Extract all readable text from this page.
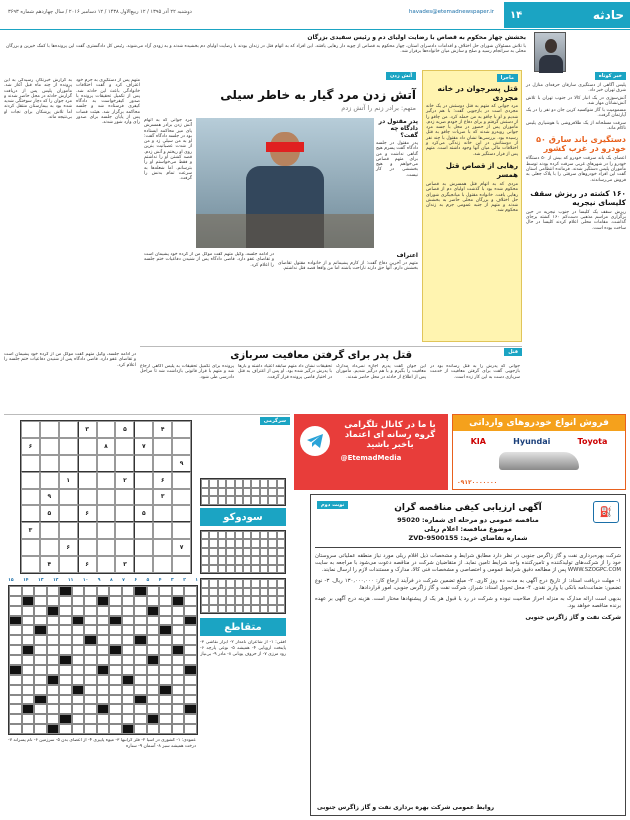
حادثه
۱۴
havades@etemadnewspaper.ir
دوشنبه ۲۲ آذر ۱۳۹۵ / ۱۲ ربیع‌الاول ۱۴۳۸ / ۱۲ دسامبر ۲۰۱۶ / سال چهاردهم شماره ۳۶۹۳
بخشش چهار محکوم به قصاص با رضایت اولیای دم و رئیس سفیدی بزرگان
با تلاش مسئولان شورای حل اختلاف و اقدامات دادسرای استان، چهار محکوم به قصاص از چوبه دار رهایی یافتند. این افراد که به اتهام قتل در زندان بودند با رضایت اولیای دم بخشیده شدند و به زودی آزاد می‌شوند. رئیس کل دادگستری گفت این پرونده‌ها با کمک خیرین و بزرگان محلی به سرانجام رسید و صلح و سازش میان خانواده‌ها برقرار شد.
خبر کوتاه

پلیس آگاهی از دستگیری سارقان حرفه‌ای منازل در شرق تهران خبر داد.

آتش‌سوزی در یک انبار کالا در جنوب تهران با تلاش آتش‌نشانان مهار شد.

مسمومیت با گاز منوکسید کربن جان دو نفر را در یک آپارتمان گرفت.

سرقت مسلحانه از یک طلافروشی با هوشیاری پلیس ناکام ماند.

دستگیری باند سارق ۵۰ خودرو در غرب کشور
اعضای یک باند سرقت خودرو که بیش از ۵۰ دستگاه خودرو را در شهرهای غربی سرقت کرده بودند توسط مأموران پلیس دستگیر شدند. فرمانده انتظامی استان گفت این افراد خودروهای سرقتی را با پلاک جعلی به فروش می‌رساندند.
۱۶۰ کشته در ریزش سقف کلیسای نیجریه
ریزش سقف یک کلیسا در جنوب نیجریه در حین برگزاری مراسم مذهبی دست‌کم ۱۶۰ کشته برجای گذاشت. مقامات محلی اعلام کردند کلیسا در حال ساخت بوده است.
ماجرا
قتل پسرجوان در خانه مجردی
مرد جوانی که متهم به قتل دوستش در یک خانه مجردی است در بازجویی گفت: با هم درگیر شدیم و او با چاقو به من حمله کرد. من چاقو را از دستش گرفتم و برای دفاع از خودم ضربه زدم. مأموران پس از حضور در محل با جسد مرد جوانی روبه‌رو شدند که با ضربات چاقو به قتل رسیده بود. بررسی‌ها نشان داد مقتول با چند نفر از دوستانش در این خانه زندگی می‌کرد و اختلافات مالی میان آنها وجود داشته است. متهم پس از فرار دستگیر شد.
رهایی از قصاص قتل همسر
مردی که به اتهام قتل همسرش به قصاص محکوم شده بود با گذشت اولیای دم از قصاص رهایی یافت. خانواده مقتول با میانجیگری شورای حل اختلاف و بزرگان محلی حاضر به بخشش شدند و متهم از جنبه عمومی جرم به زندان محکوم شد.
آتش زدن مرد گیار به خاطر سیلی
متهم: برادر زنم را آتش زدم
آتش زدن
پدر مقتول در دادگاه چه گفت؟
پدر مقتول در جلسه دادگاه گفت پسرم هیچ گناهی نداشت و من برای متهم قصاص می‌خواهم و هیچ بخششی در کار نیست.
مرد جوانی که به اتهام آتش زدن برادر همسرش پای میز محاکمه ایستاده بود در جلسه دادگاه گفت: او به من سیلی زد و من از شدت عصبانیت بنزین روی او ریختم و آتش زدم. قصد کشتن او را نداشتم و فقط می‌خواستم او را بترسانم. اما شعله‌ها به سرعت تمام بدنش را گرفت.
به گزارش خبرنگار، رسیدگی به این پرونده از چند ماه قبل آغاز شد. مأموران پلیس پس از دریافت گزارش حادثه در محل حاضر شدند و مرد جوان را که دچار سوختگی شدید شده بود به بیمارستان منتقل کردند اما تلاش پزشکان برای نجات او بی‌نتیجه ماند.
متهم پس از دستگیری به جرم خود اعتراف کرد و گفت اختلافات خانوادگی باعث این حادثه شد. پس از تکمیل تحقیقات پرونده با صدور کیفرخواست به دادگاه کیفری فرستاده شد و جلسه محاکمه برگزار شد. هیئت قضات پس از پایان جلسه برای صدور رای وارد شور شدند.
در ادامه جلسه، وکیل متهم گفت موکل من از کرده خود پشیمان است و تقاضای عفو دارد. قاضی دادگاه پس از شنیدن دفاعیات ختم جلسه را اعلام کرد.
اعتراف
متهم در آخرین دفاع گفت: از کارم پشیمانم و از خانواده مقتول تقاضای بخشش دارم. آنها حق دارند ناراحت باشند اما من واقعا قصد قتل نداشتم.
قتل
قتل پدر برای گرفتن معافیت سربازی
جوانی که پدرش را به قتل رسانده بود در بازجویی گفت برای گرفتن معافیت از خدمت سربازی دست به این کار زده است.
این جوان گفت پدرم اجازه نمی‌داد مدارک معافیت را بگیرم و با هم درگیر شدیم. مأموران پس از اطلاع از حادثه در محل حاضر شدند.
تحقیقات نشان داد متهم سابقه اعتیاد داشته و بارها با پدرش درگیر شده بود. او پس از اعتراف به قتل در اختیار قاضی پرونده قرار گرفت.
پرونده برای تکمیل تحقیقات به پلیس آگاهی ارجاع شد و متهم با قرار قانونی بازداشت شد تا مراحل دادرسی طی شود.
در ادامه جلسه، وکیل متهم گفت موکل من از کرده خود پشیمان است و تقاضای عفو دارد. قاضی دادگاه پس از شنیدن دفاعیات ختم جلسه را اعلام کرد.
فروش انواع خودروهای وارداتی
KIA	Hyundai	Toyota
۰۹۱۲۰۰۰۰۰۰۰
با ما در کانال تلگرامی گروه رسانه ای اعتماد باخبر باشید
@EtemadMedia
⛽
نوبت دوم	آگهی ارزیابی کیفی مناقصه گران
مناقصه عمومی دو مرحله ای شماره: 95020
موضوع مناقصه: اعلام ریلی
شماره تقاضای خرید: ZVD-9500155
شرکت بهره‌برداری نفت و گاز زاگرس جنوبی در نظر دارد مطابق شرایط و مشخصات ذیل اقلام ریلی مورد نیاز منطقه عملیاتی سروستان خود را از شرکت‌های تولیدکننده و تامین‌کننده واجد شرایط تامین نماید. از متقاضیان شرکت در مناقصه دعوت می‌شود با مراجعه به سایت WWW.SZOGPC.COM پس از مطالعه دقیق شرایط عمومی و اختصاصی و مشخصات فنی کالا، مدارک و مستندات لازم را ارسال نمایند.
۱- مهلت دریافت اسناد: از تاریخ درج آگهی به مدت ده روز کاری. ۲- مبلغ تضمین شرکت در فرآیند ارجاع کار: ۱۳۰,۰۰۰,۰۰۰ ریال. ۳- نوع تضمین: ضمانت‌نامه بانکی یا واریز نقدی. ۴- محل تحویل اسناد: شیراز، شرکت نفت و گاز زاگرس جنوبی، امور قراردادها.
بدیهی است ارائه مدارک به منزله احراز صلاحیت نبوده و شرکت در رد یا قبول هر یک از پیشنهادها مختار است. هزینه درج آگهی بر عهده برنده مناقصه خواهد بود.
شرکت نفت و گاز زاگرس جنوبی
روابط عمومی شرکت بهره برداری نفت و گاز زاگرس جنوبی
سرگرمی
۴
۵
۳
۷
۸
۶
۹
۶
۲
۱
۳
۹
۵
۶
۵
۳
۷
۶
۳
۶
۴
سودوکو
۱
۲
۳
۴
۵
۶
۷
۸
۹
۱۰
۱۱
۱۲
۱۳
۱۴
۱۵
متقاطع
افقی: ۱- از شاعران نامدار ۲- ابزار نقاشی ۳- پایتخت اروپایی ۴- همیشه ۵- نوعی پارچه ۶- رود مرزی ۷- از حروف یونانی ۸- مادر ۹- بی‌نیاز
عمودی: ۱- کشوری در آسیا ۲- فلز گرانبها ۳- میوه پاییزی ۴- از اعضای بدن ۵- سرزمین ۶- نام پسرانه ۷- درخت همیشه سبز ۸- آسمان ۹- ستاره
